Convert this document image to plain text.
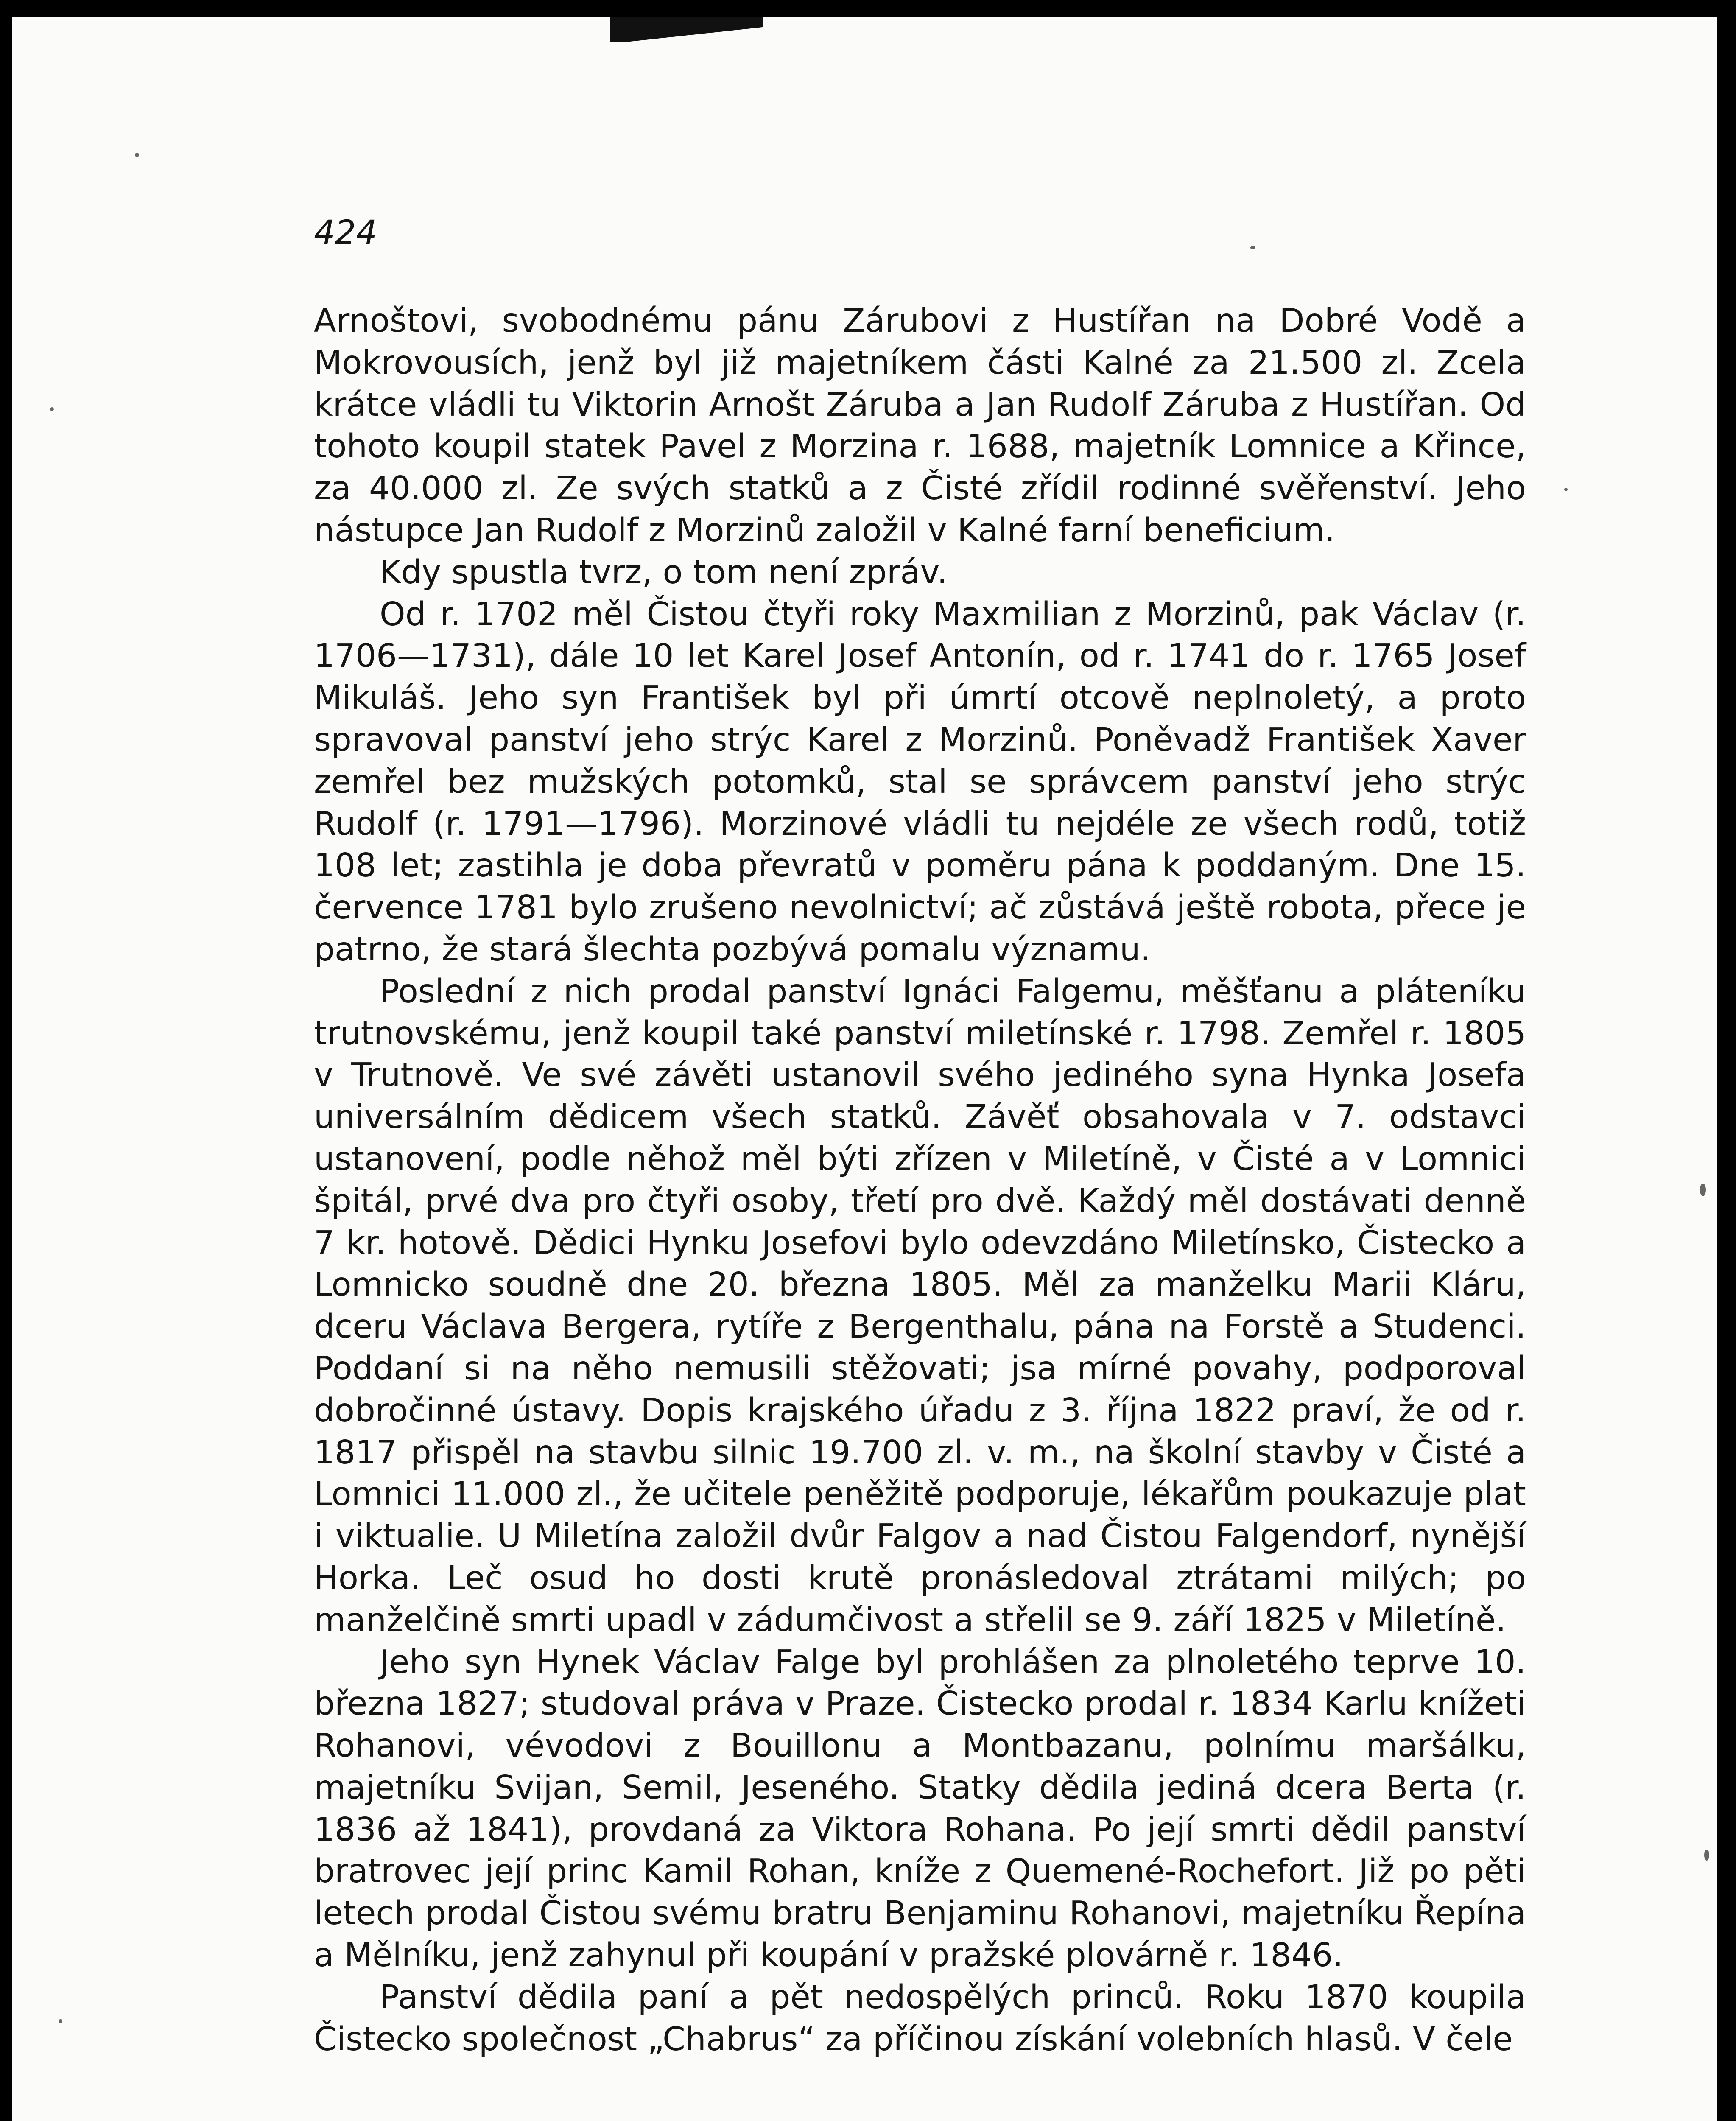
424

Arnoštovi, svobodnému pánu Zárubovi z Hustířan na Dobré Vodě a Mokrovousích, jenž byl již majetníkem části Kalné za 21.500 zl. Zcela krátce vládli tu Viktorin Arnošt Záruba a Jan Rudolf Záruba z Hustířan. Od tohoto koupil statek Pavel z Morzina r. 1688, majetník Lomnice a Křince, za 40.000 zl. Ze svých statků a z Čisté zřídil rodinné svěřenství. Jeho nástupce Jan Rudolf z Morzinů založil v Kalné farní beneficium.

Kdy spustla tvrz, o tom není zpráv.

Od r. 1702 měl Čistou čtyři roky Maxmilian z Morzinů, pak Václav (r. 1706—1731), dále 10 let Karel Josef Antonín, od r. 1741 do r. 1765 Josef Mikuláš. Jeho syn František byl při úmrtí otcově neplnoletý, a proto spravoval panství jeho strýc Karel z Morzinů. Poněvadž František Xaver zemřel bez mužských potomků, stal se správcem panství jeho strýc Rudolf (r. 1791—1796). Morzinové vládli tu nejdéle ze všech rodů, totiž 108 let; zastihla je doba převratů v poměru pána k poddaným. Dne 15. července 1781 bylo zrušeno nevolnictví; ač zůstává ještě robota, přece je patrno, že stará šlechta pozbývá pomalu významu.

Poslední z nich prodal panství Ignáci Falgemu, měšťanu a pláteníku trutnovskému, jenž koupil také panství miletínské r. 1798. Zemřel r. 1805 v Trutnově. Ve své závěti ustanovil svého jediného syna Hynka Josefa universálním dědicem všech statků. Závěť obsahovala v 7. odstavci ustanovení, podle něhož měl býti zřízen v Miletíně, v Čisté a v Lomnici špitál, prvé dva pro čtyři osoby, třetí pro dvě. Každý měl dostávati denně 7 kr. hotově. Dědici Hynku Josefovi bylo odevzdáno Miletínsko, Čistecko a Lomnicko soudně dne 20. března 1805. Měl za manželku Marii Kláru, dceru Václava Bergera, rytíře z Bergenthalu, pána na Forstě a Studenci. Poddaní si na něho nemusili stěžovati; jsa mírné povahy, podporoval dobročinné ústavy. Dopis krajského úřadu z 3. října 1822 praví, že od r. 1817 přispěl na stavbu silnic 19.700 zl. v. m., na školní stavby v Čisté a Lomnici 11.000 zl., že učitele peněžitě podporuje, lékařům poukazuje plat i viktualie. U Miletína založil dvůr Falgov a nad Čistou Falgendorf, nynější Horka. Leč osud ho dosti krutě pronásledoval ztrátami milých; po manželčině smrti upadl v zádumčivost a střelil se 9. září 1825 v Miletíně.

Jeho syn Hynek Václav Falge byl prohlášen za plnoletého teprve 10. března 1827; studoval práva v Praze. Čistecko prodal r. 1834 Karlu knížeti Rohanovi, vévodovi z Bouillonu a Montbazanu, polnímu maršálku, majetníku Svijan, Semil, Jeseného. Statky dědila jediná dcera Berta (r. 1836 až 1841), provdaná za Viktora Rohana. Po její smrti dědil panství bratrovec její princ Kamil Rohan, kníže z Quemené-Rochefort. Již po pěti letech prodal Čistou svému bratru Benjaminu Rohanovi, majetníku Řepína a Mělníku, jenž zahynul při koupání v pražské plovárně r. 1846.

Panství dědila paní a pět nedospělých princů. Roku 1870 koupila Čistecko společnost „Chabrus“ za příčinou získání volebních hlasů. V čele
